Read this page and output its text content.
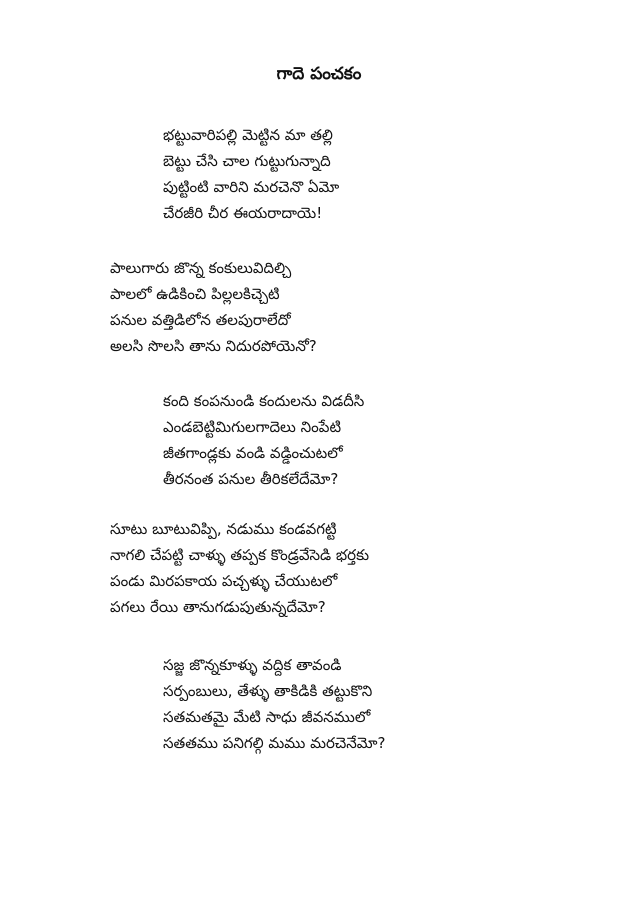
గాదె పంచకం
భట్టువారిపల్లి మెట్టిన మా తల్లి
బెట్టు చేసి చాల గుట్టుగున్నాది
పుట్టింటి వారిని మరచెనొ ఏమో
చేరజీరి చీర ఈయరాదాయె!
పాలుగారు జొన్న కంకులువిదిల్చి
పాలలో ఉడికించి పిల్లలకిచ్చెటి
పనుల వత్తిడిలోన తలపురాలేదో
అలసి సొలసి తాను నిదురపోయెనో?
కంది కంపనుండి కందులను విడదీసి
ఎండబెట్టిమిగులగాదెలు నింపేటి
జీతగాండ్లకు వండి వడ్డించుటలో
తీరనంత పనుల తీరికలేదేమో?
సూటు బూటువిప్పి, నడుము కండవగట్టి
నాగలి చేపట్టి చాళ్ళు తప్పక కొండ్రవేసెడి భర్తకు
పండు మిరపకాయ పచ్చళ్ళు చేయుటలో
పగలు రేయి తానుగడుపుతున్నదేమో?
సజ్జ జొన్నకూళ్ళు వద్దిక తావండి
సర్పంబులు, తేళ్ళు తాకిడికి తట్టుకొని
సతమతమై మేటి సాధు జీవనములో
సతతము పనిగల్గి మము మరచెనేమో?
